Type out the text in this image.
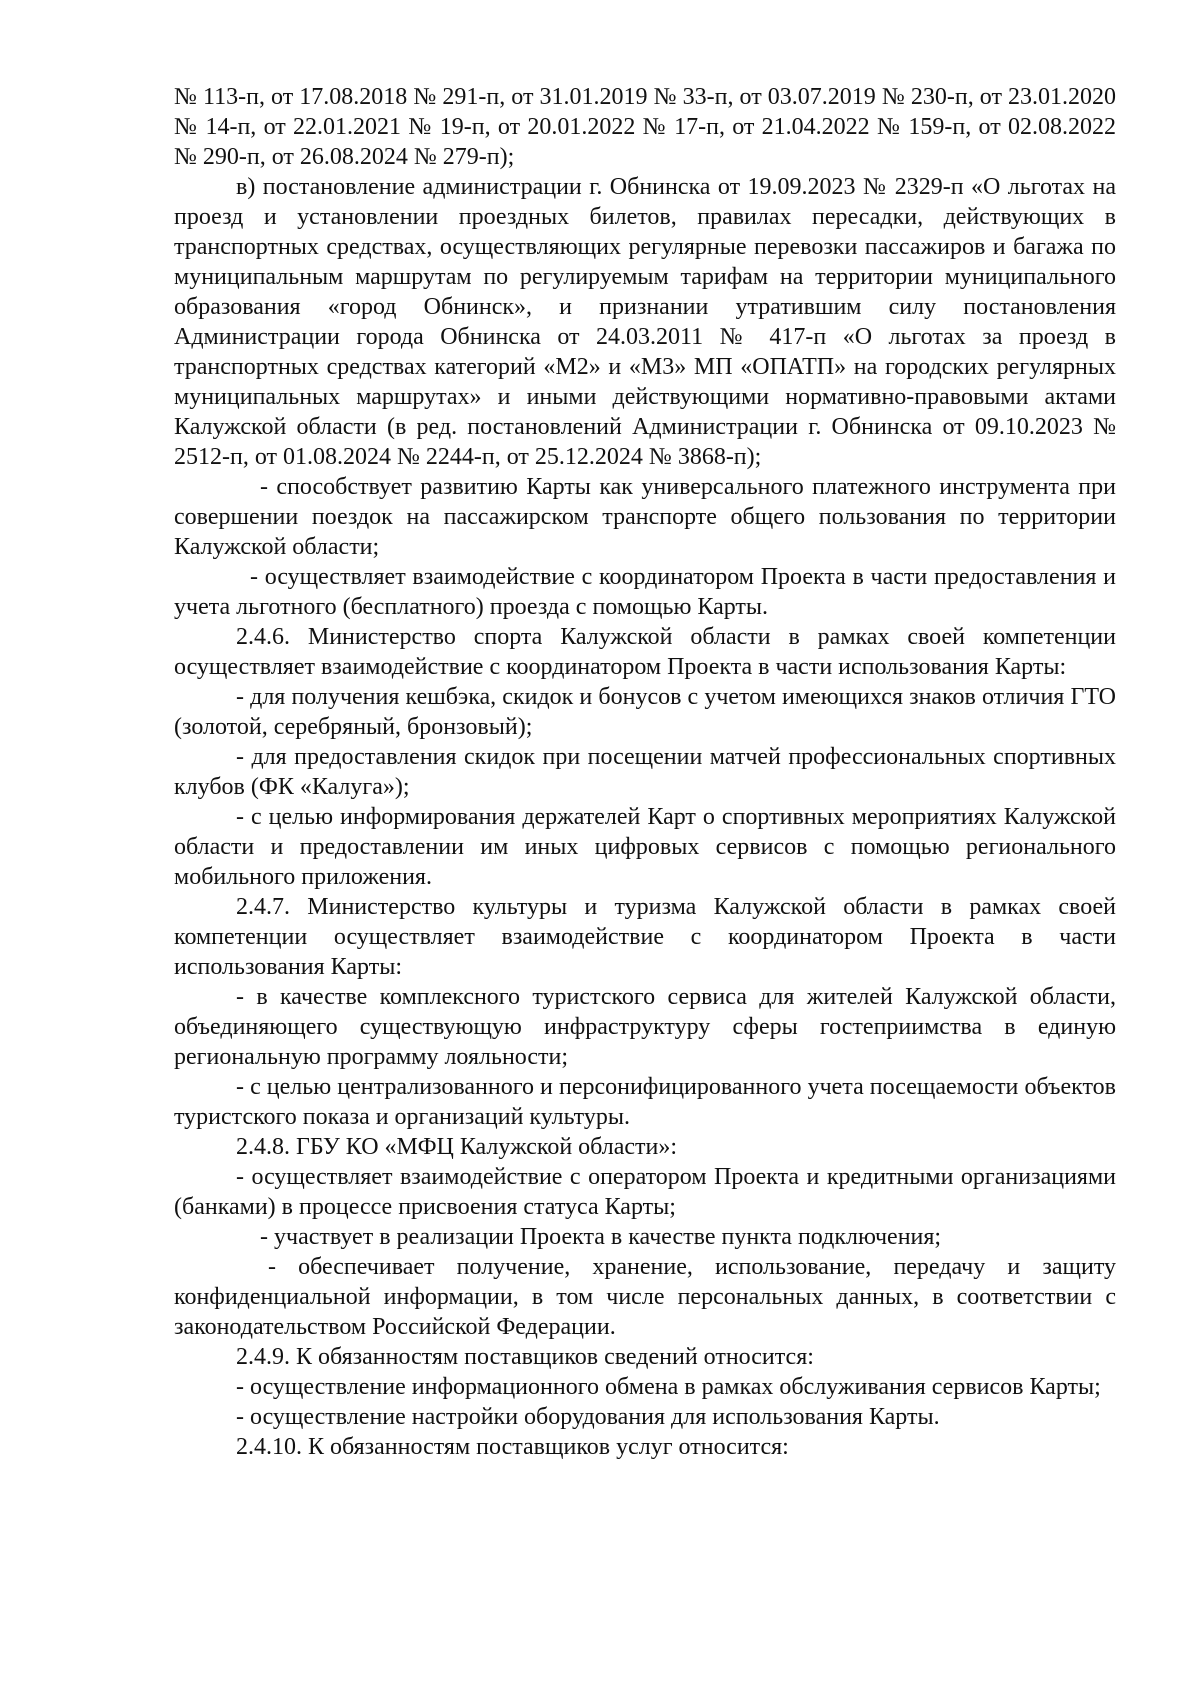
№ 113-п, от 17.08.2018 № 291-п, от 31.01.2019 № 33-п, от 03.07.2019 № 230-п, от 23.01.2020 № 14-п, от 22.01.2021 № 19-п, от 20.01.2022 № 17-п, от 21.04.2022 № 159-п, от 02.08.2022 № 290-п, от 26.08.2024 № 279-п);

в) постановление администрации г. Обнинска от 19.09.2023 № 2329-п «О льготах на проезд и установлении проездных билетов, правилах пересадки, действующих в транспортных средствах, осуществляющих регулярные перевозки пассажиров и багажа по муниципальным маршрутам по регулируемым тарифам на территории муниципального образования «город Обнинск», и признании утратившим силу постановления Администрации города Обнинска от 24.03.2011 № 417-п «О льготах за проезд в транспортных средствах категорий «М2» и «М3» МП «ОПАТП» на городских регулярных муниципальных маршрутах» и иными действующими нормативно-правовыми актами Калужской области (в ред. постановлений Администрации г. Обнинска от 09.10.2023 № 2512-п, от 01.08.2024 № 2244-п, от 25.12.2024 № 3868-п);

- способствует развитию Карты как универсального платежного инструмента при совершении поездок на пассажирском транспорте общего пользования по территории Калужской области;

- осуществляет взаимодействие с координатором Проекта в части предоставления и учета льготного (бесплатного) проезда с помощью Карты.

2.4.6. Министерство спорта Калужской области в рамках своей компетенции осуществляет взаимодействие с координатором Проекта в части использования Карты:

- для получения кешбэка, скидок и бонусов с учетом имеющихся знаков отличия ГТО (золотой, серебряный, бронзовый);

- для предоставления скидок при посещении матчей профессиональных спортивных клубов (ФК «Калуга»);

- с целью информирования держателей Карт о спортивных мероприятиях Калужской области и предоставлении им иных цифровых сервисов с помощью регионального мобильного приложения.

2.4.7. Министерство культуры и туризма Калужской области в рамках своей компетенции осуществляет взаимодействие с координатором Проекта в части использования Карты:

- в качестве комплексного туристского сервиса для жителей Калужской области, объединяющего существующую инфраструктуру сферы гостеприимства в единую региональную программу лояльности;

- с целью централизованного и персонифицированного учета посещаемости объектов туристского показа и организаций культуры.

2.4.8. ГБУ КО «МФЦ Калужской области»:

- осуществляет взаимодействие с оператором Проекта и кредитными организациями (банками) в процессе присвоения статуса Карты;

- участвует в реализации Проекта в качестве пункта подключения;

- обеспечивает получение, хранение, использование, передачу и защиту конфиденциальной информации, в том числе персональных данных, в соответствии с законодательством Российской Федерации.

2.4.9. К обязанностям поставщиков сведений относится:

- осуществление информационного обмена в рамках обслуживания сервисов Карты;

- осуществление настройки оборудования для использования Карты.

2.4.10. К обязанностям поставщиков услуг относится:
